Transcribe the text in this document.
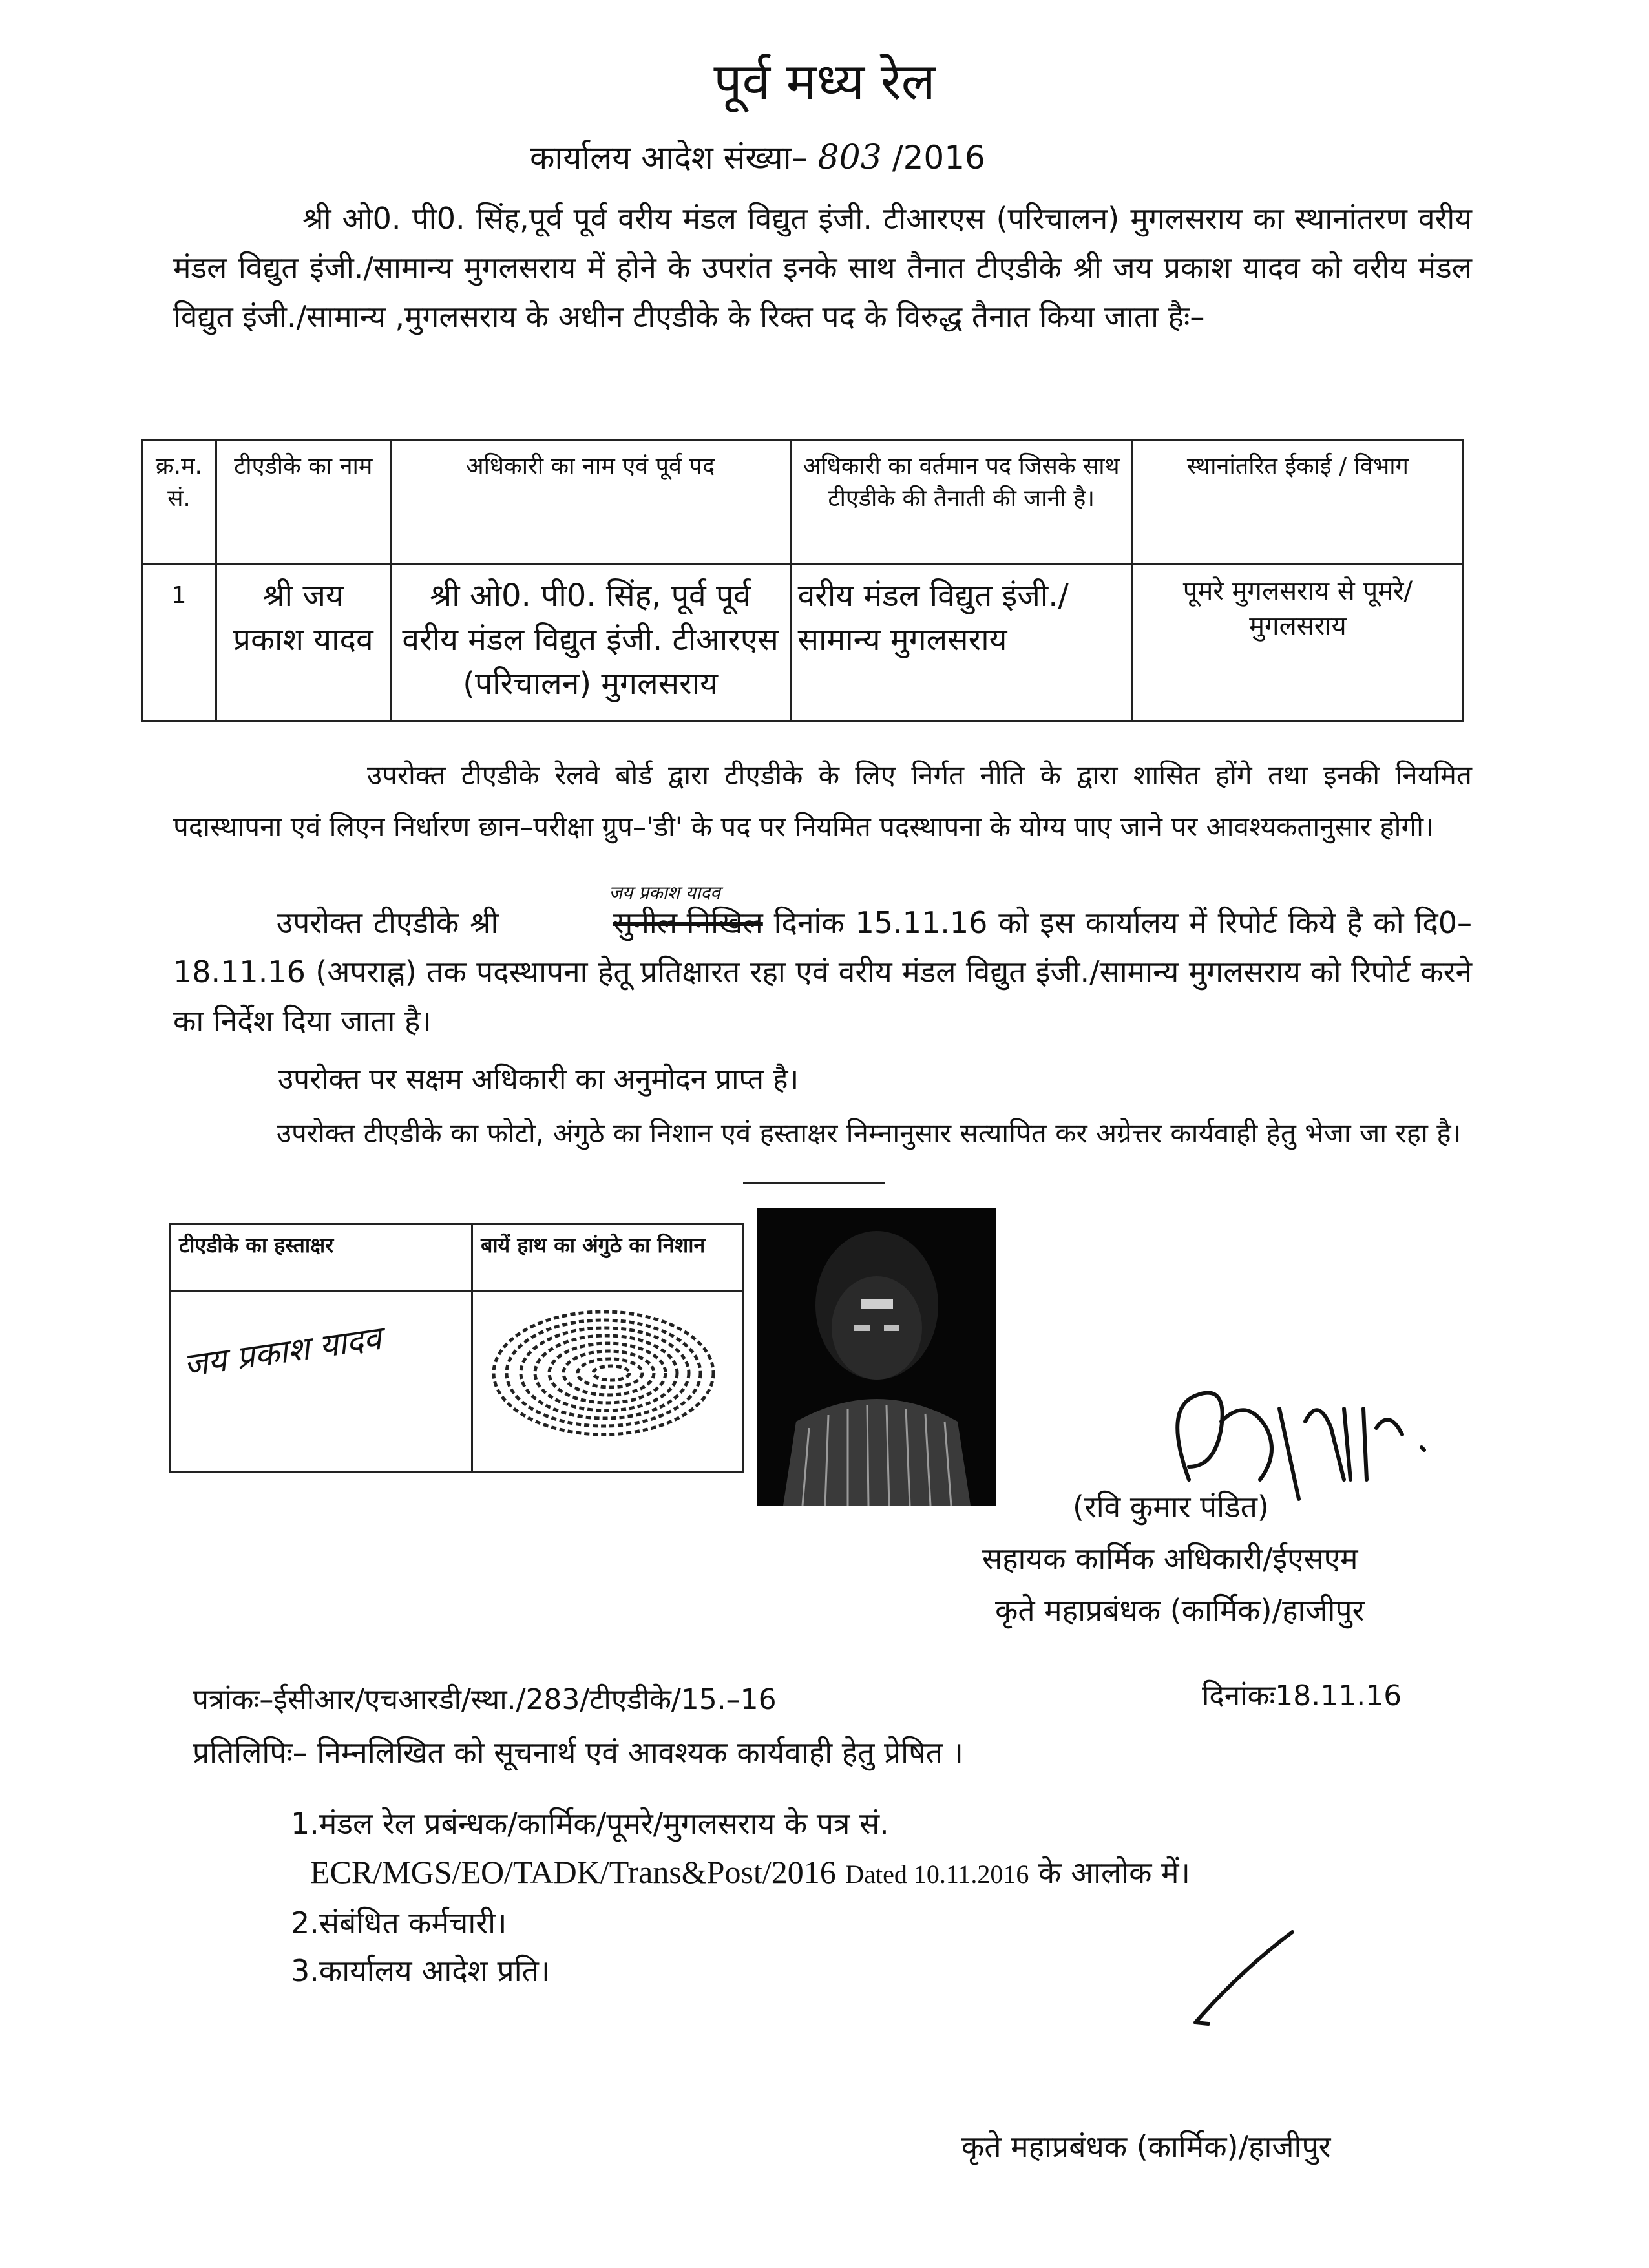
पूर्व मध्य रेल
कार्यालय आदेश संख्या– 803 /2016
श्री ओ0. पी0. सिंह,पूर्व पूर्व वरीय मंडल विद्युत इंजी. टीआरएस (परिचालन) मुगलसराय का स्थानांतरण वरीय मंडल विद्युत इंजी./सामान्य मुगलसराय में होने के उपरांत इनके साथ तैनात टीएडीके श्री जय प्रकाश यादव को वरीय मंडल विद्युत इंजी./सामान्य ,मुगलसराय के अधीन टीएडीके के रिक्त पद के विरुद्ध तैनात किया जाता हैः–
क्र.म. सं.	टीएडीके का नाम	अधिकारी का नाम एवं पूर्व पद	अधिकारी का वर्तमान पद जिसके साथ टीएडीके की तैनाती की जानी है।	स्थानांतरित ईकाई / विभाग
1	श्री जय प्रकाश यादव	श्री ओ0. पी0. सिंह, पूर्व पूर्व वरीय मंडल विद्युत इंजी. टीआरएस (परिचालन) मुगलसराय	वरीय मंडल विद्युत इंजी./सामान्य मुगलसराय	पूमरे मुगलसराय से पूमरे/मुगलसराय
उपरोक्त टीएडीके रेलवे बोर्ड द्वारा टीएडीके के लिए निर्गत नीति के द्वारा शासित होंगे तथा इनकी नियमित पदास्थापना एवं लिएन निर्धारण छान–परीक्षा ग्रुप–'डी' के पद पर नियमित पदस्थापना के योग्य पाए जाने पर आवश्यकतानुसार होगी।
उपरोक्त टीएडीके श्री
जय प्रकाश यादव
सुनील निखिल दिनांक 15.11.16 को इस कार्यालय में रिपोर्ट किये है को दि0–18.11.16 (अपराह्न) तक पदस्थापना हेतू प्रतिक्षारत रहा एवं वरीय मंडल विद्युत इंजी./सामान्य मुगलसराय को रिपोर्ट करने का निर्देश दिया जाता है।
उपरोक्त पर सक्षम अधिकारी का अनुमोदन प्राप्त है।
उपरोक्त टीएडीके का फोटो, अंगुठे का निशान एवं हस्ताक्षर निम्नानुसार सत्यापित कर अग्रेत्तर कार्यवाही हेतु भेजा जा रहा है।
टीएडीके का हस्ताक्षर	बायें हाथ का अंगुठे का निशान

जय प्रकाश यादव

(रवि कुमार पंडित)
सहायक कार्मिक अधिकारी/ईएसएम
कृते महाप्रबंधक (कार्मिक)/हाजीपुर
पत्रांकः–ईसीआर/एचआरडी/स्था./283/टीएडीके/15.–16	दिनांकः18.11.16
प्रतिलिपिः– निम्नलिखित को सूचनार्थ एवं आवश्यक कार्यवाही हेतु प्रेषित ।
1.मंडल रेल प्रबंन्धक/कार्मिक/पूमरे/मुगलसराय के पत्र सं.
ECR/MGS/EO/TADK/Trans&Post/2016 Dated 10.11.2016 के आलोक में।
2.संबंधित कर्मचारी।
3.कार्यालय आदेश प्रति।
कृते महाप्रबंधक (कार्मिक)/हाजीपुर
